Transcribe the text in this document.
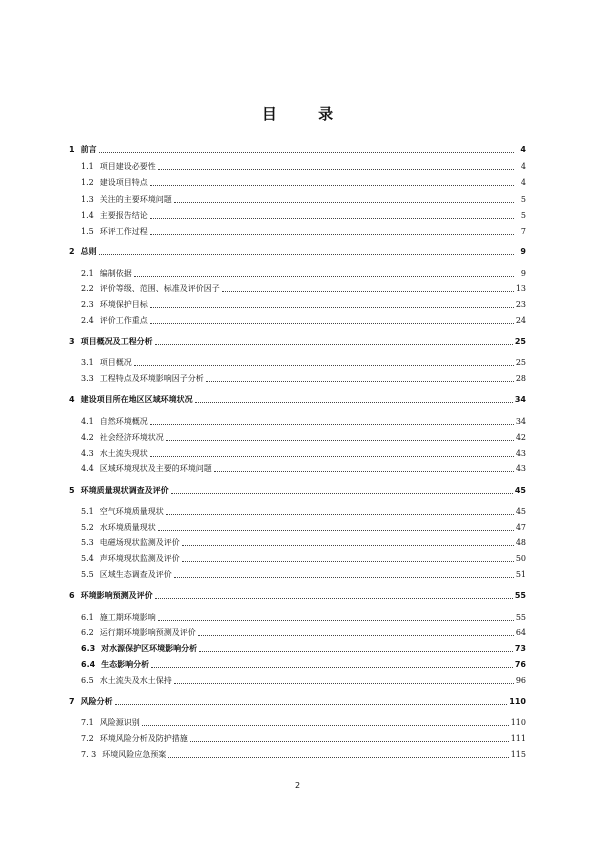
目 录
1 前言	4
1.1 项目建设必要性	4
1.2 建设项目特点	4
1.3 关注的主要环境问题	5
1.4 主要报告结论	5
1.5 环评工作过程	7
2 总则	9
2.1 编制依据	9
2.2 评价等级、范围、标准及评价因子	13
2.3 环境保护目标	23
2.4 评价工作重点	24
3 项目概况及工程分析	25
3.1 项目概况	25
3.3 工程特点及环境影响因子分析	28
4 建设项目所在地区区域环境状况	34
4.1 自然环境概况	34
4.2 社会经济环境状况	42
4.3 水土流失现状	43
4.4 区域环境现状及主要的环境问题	43
5 环境质量现状调查及评价	45
5.1 空气环境质量现状	45
5.2 水环境质量现状	47
5.3 电磁场现状监测及评价	48
5.4 声环境现状监测及评价	50
5.5 区域生态调查及评价	51
6 环境影响预测及评价	55
6.1 施工期环境影响	55
6.2 运行期环境影响预测及评价	64
6.3 对水源保护区环境影响分析	73
6.4 生态影响分析	76
6.5 水土流失及水土保持	96
7 风险分析	110
7.1 风险源识别	110
7.2 环境风险分析及防护措施	111
7. 3 环境风险应急预案	115
2
